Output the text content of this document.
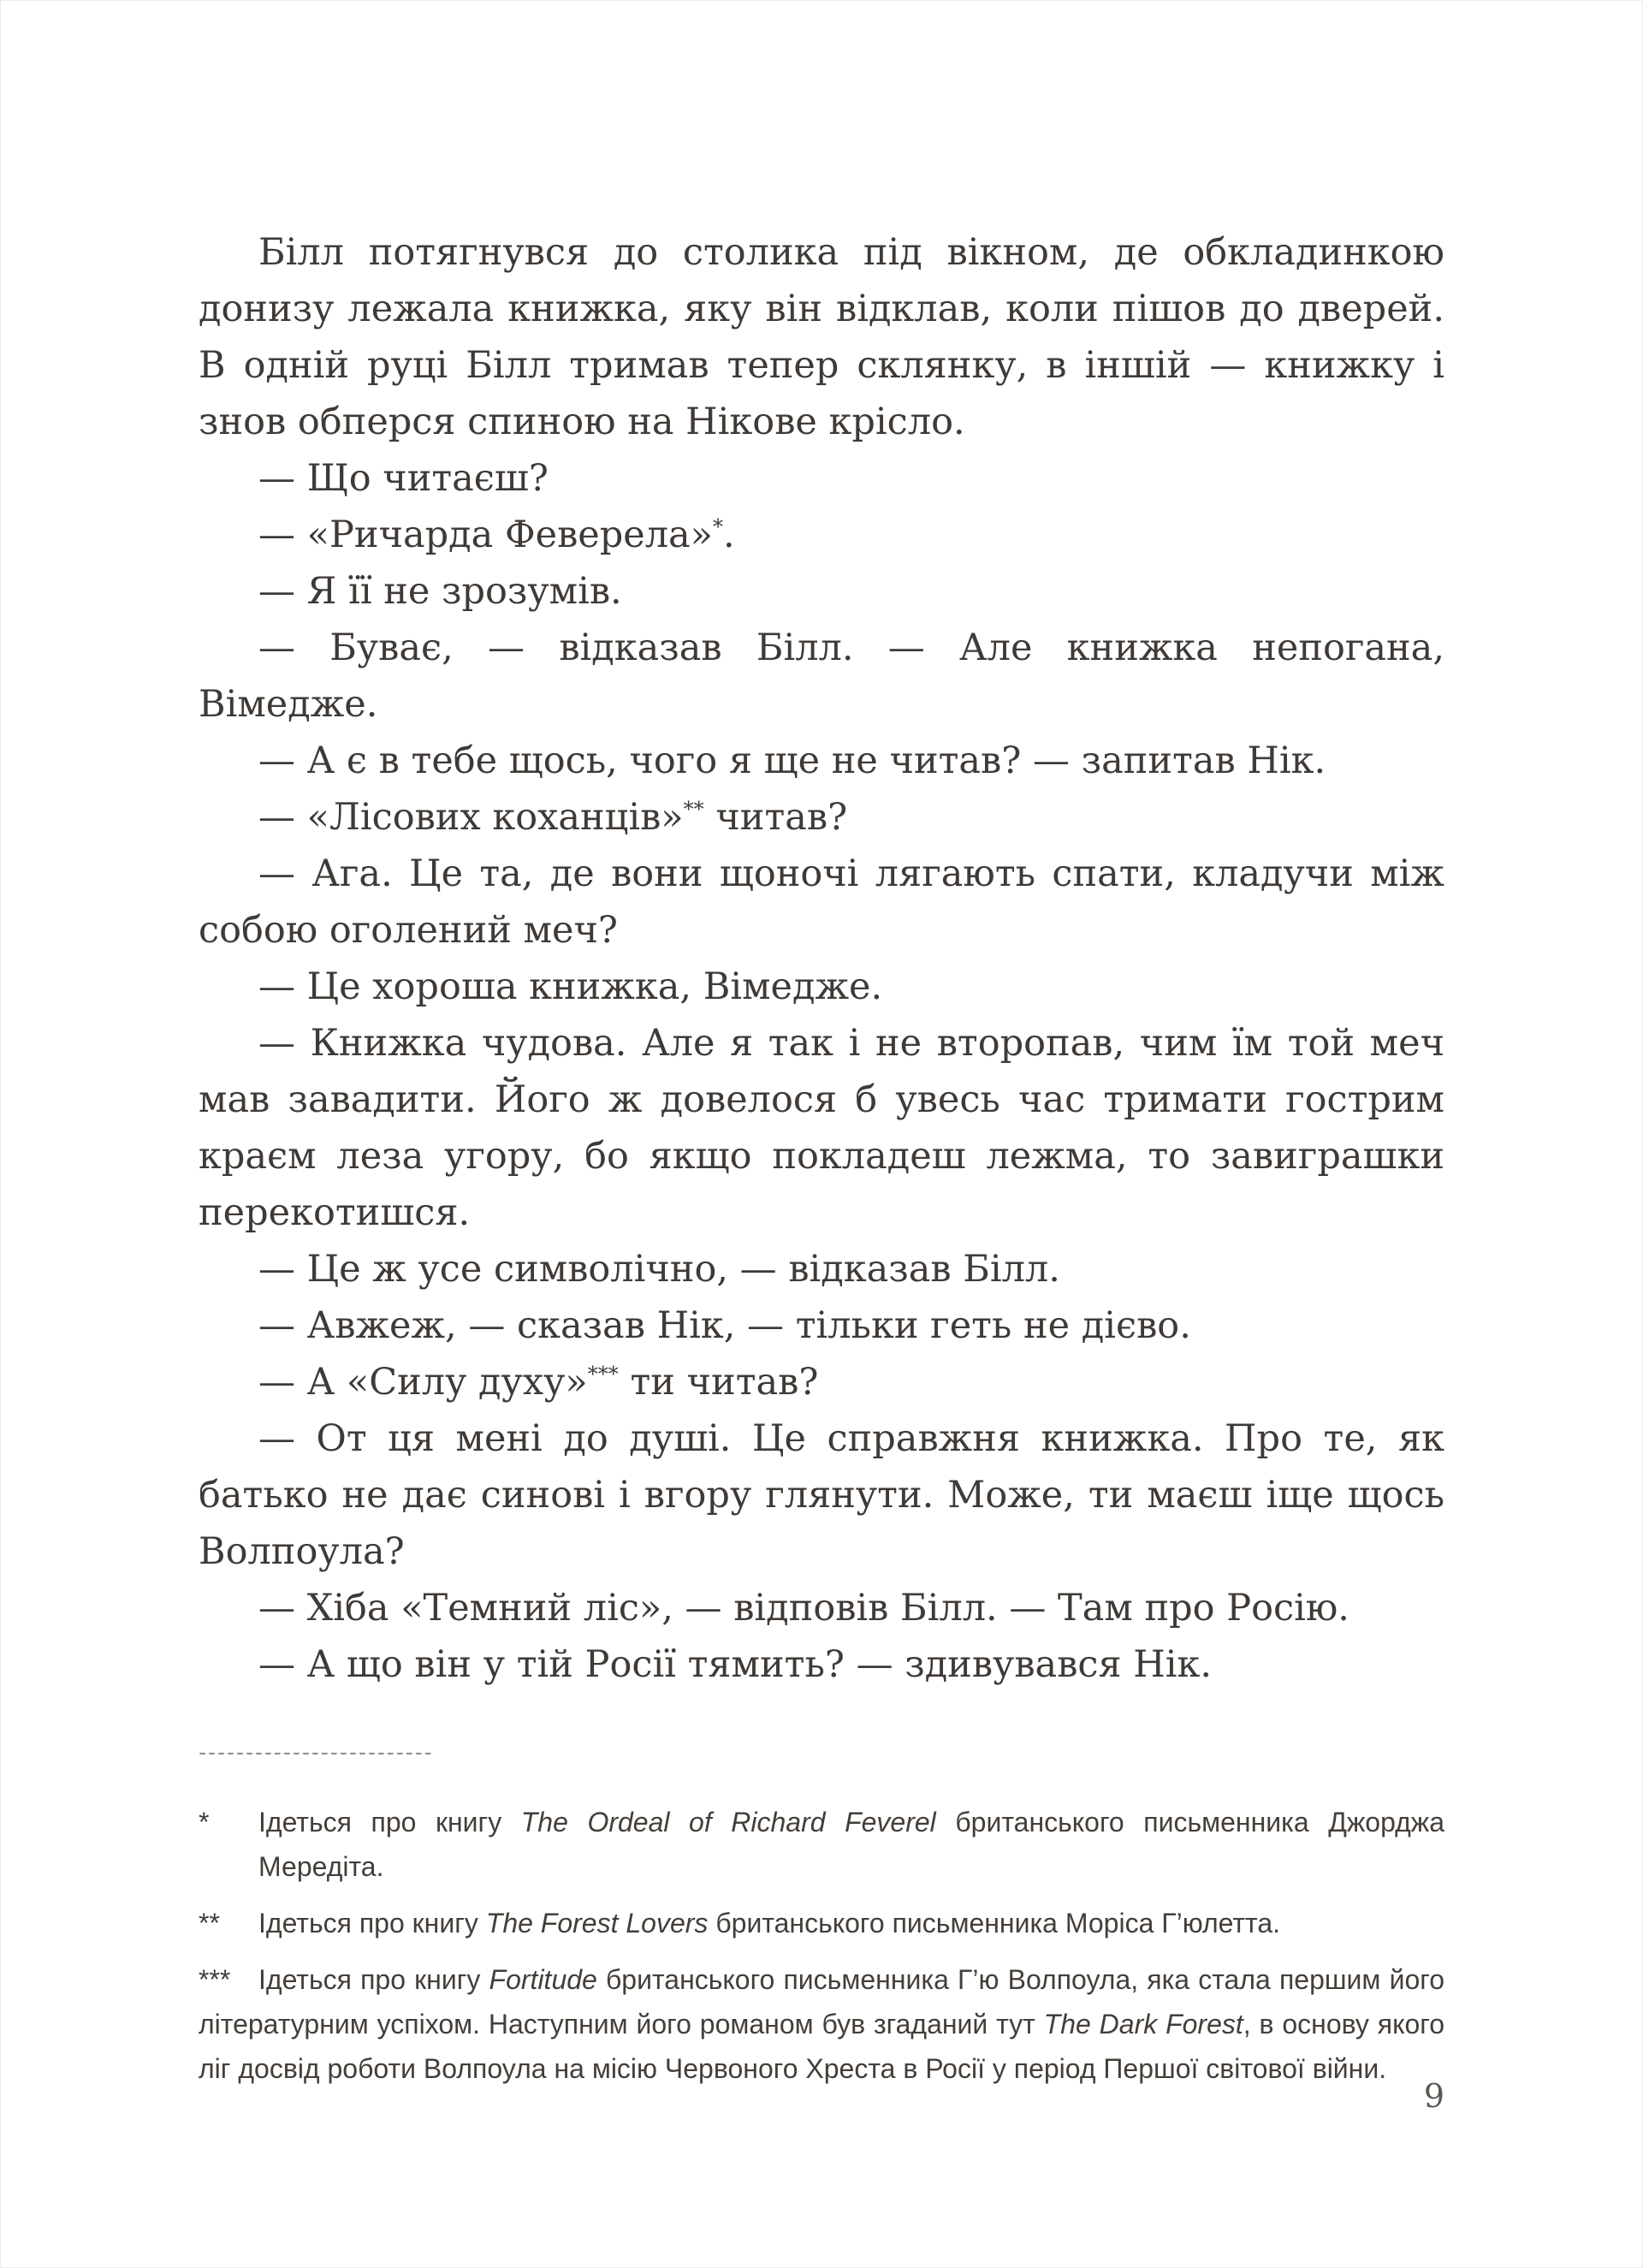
Білл потягнувся до столика під вікном, де обкладинкою донизу лежала книжка, яку він відклав, коли пішов до дверей. В одній руці Білл тримав тепер склянку, в іншій — книжку і знов обперся спиною на Нікове крісло.

— Що читаєш?

— «Ричарда Феверела»*.

— Я її не зрозумів.

— Буває, — відказав Білл. — Але книжка непогана, Вімедже.

— А є в тебе щось, чого я ще не читав? — запитав Нік.

— «Лісових коханців»** читав?

— Ага. Це та, де вони щоночі лягають спати, кладучи між собою оголений меч?

— Це хороша книжка, Вімедже.

— Книжка чудова. Але я так і не второпав, чим їм той меч мав завадити. Його ж довелося б увесь час тримати гострим краєм леза угору, бо якщо покладеш лежма, то завиграшки перекотишся.

— Це ж усе символічно, — відказав Білл.

— Авжеж, — сказав Нік, — тільки геть не дієво.

— А «Силу духу»*** ти читав?

— От ця мені до душі. Це справжня книжка. Про те, як батько не дає синові і вгору глянути. Може, ти маєш іще щось Волпоула?

— Хіба «Темний ліс», — відповів Білл. — Там про Росію.

— А що він у тій Росії тямить? — здивувався Нік.

-------------------------
* Ідеться про книгу The Ordeal of Richard Feverel британського письменника Джорджа Мередіта.
** Ідеться про книгу The Forest Lovers британського письменника Моріса Г’юлетта.
*** Ідеться про книгу Fortitude британського письменника Г’ю Волпоула, яка стала першим його літературним успіхом. Наступним його романом був згаданий тут The Dark Forest, в основу якого ліг досвід роботи Волпоула на місію Червоного Хреста в Росії у період Першої світової війни.
9
